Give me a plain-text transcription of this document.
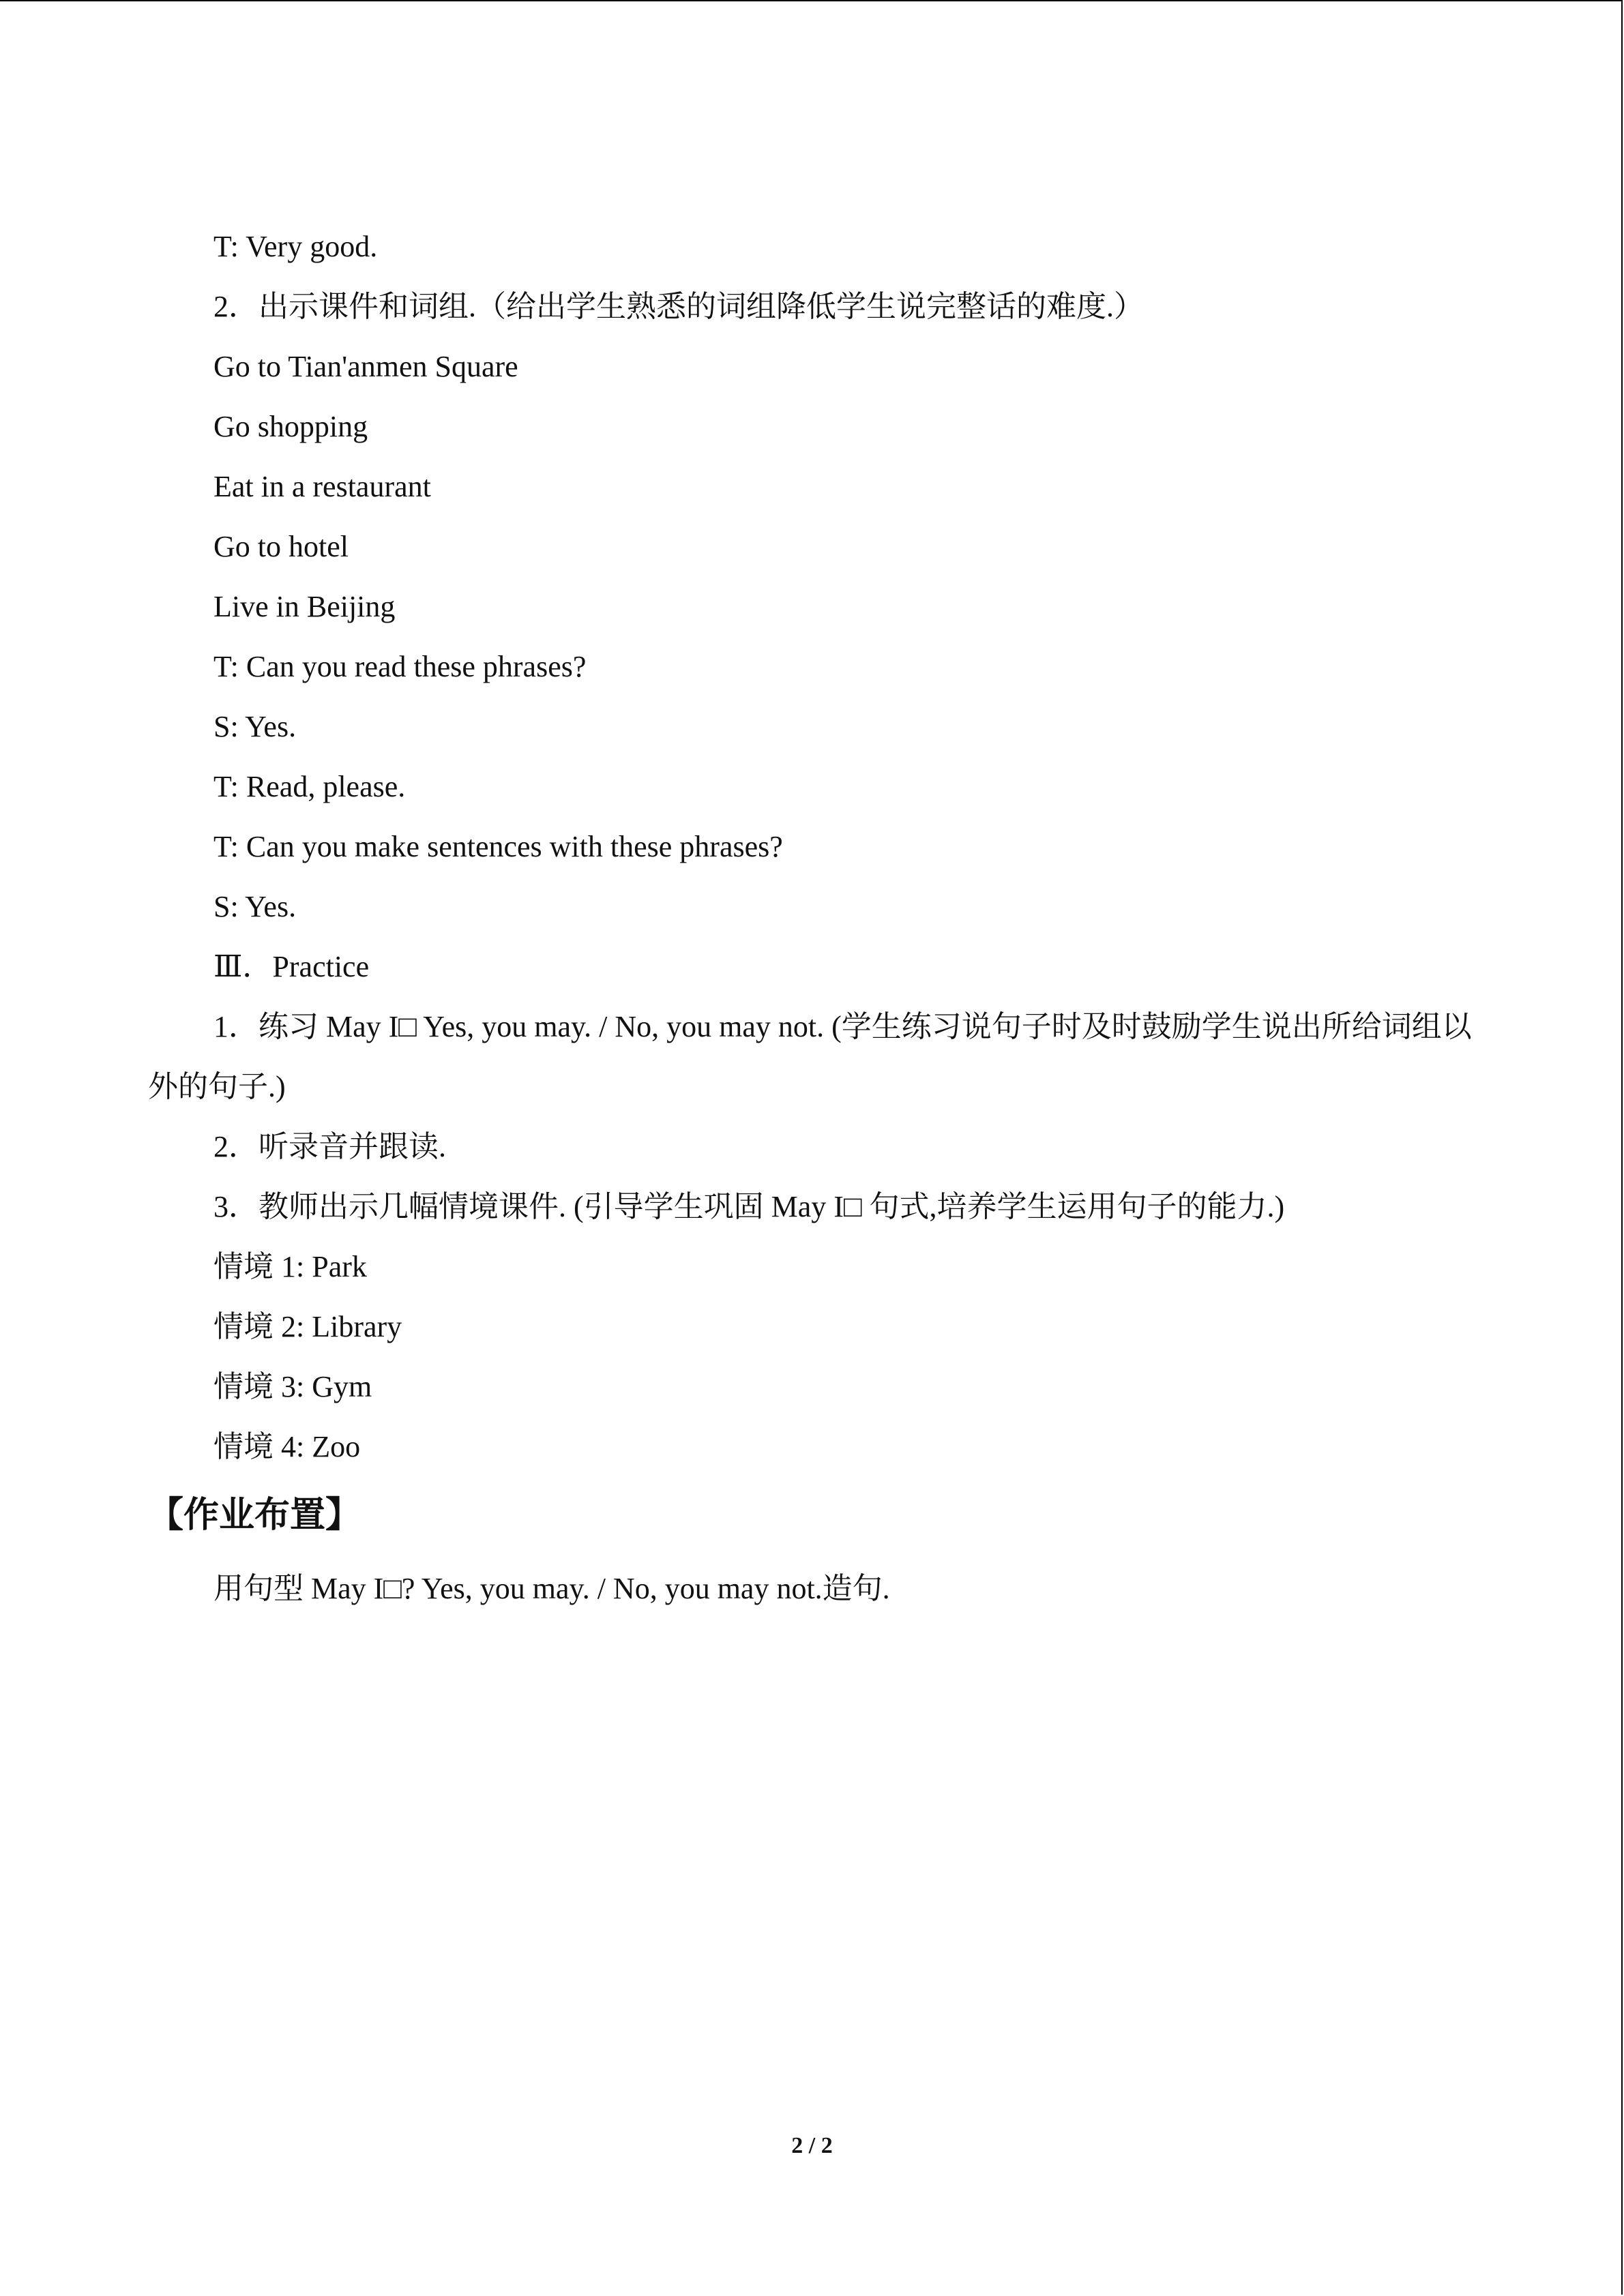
T: Very good.
2．出示课件和词组.（给出学生熟悉的词组降低学生说完整话的难度.）
Go to Tian'anmen Square
Go shopping
Eat in a restaurant
Go to hotel
Live in Beijing
T: Can you read these phrases?
S: Yes.
T: Read, please.
T: Can you make sentences with these phrases?
S: Yes.
Ⅲ．Practice
1．练习 May I□ Yes, you may. / No, you may not. (学生练习说句子时及时鼓励学生说出所给词组以外的句子.)
2．听录音并跟读.
3．教师出示几幅情境课件. (引导学生巩固 May I□ 句式,培养学生运用句子的能力.)
情境 1: Park
情境 2: Library
情境 3: Gym
情境 4: Zoo
【作业布置】
用句型 May I□? Yes, you may. / No, you may not.造句.
2 / 2
